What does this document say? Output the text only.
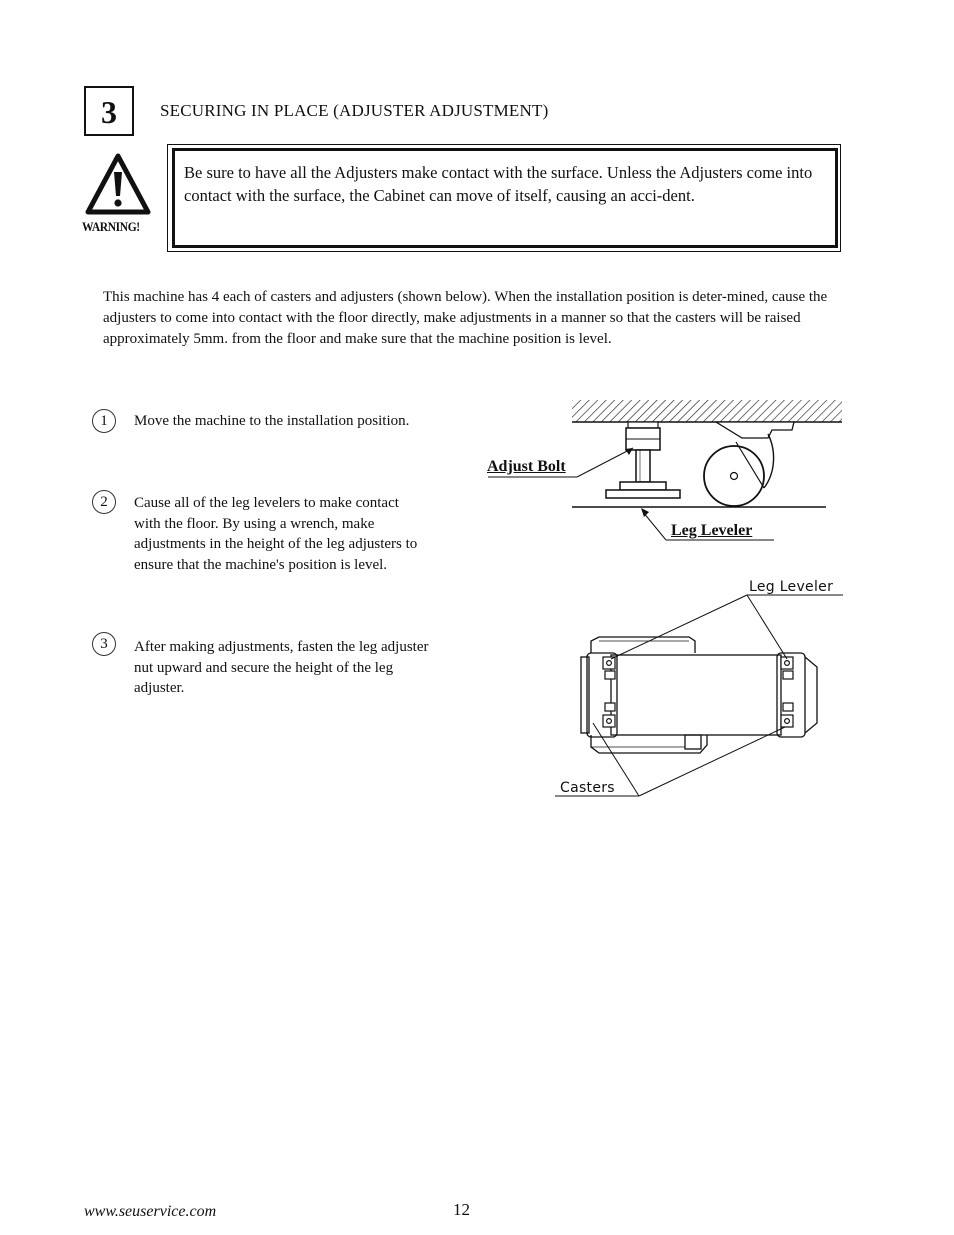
3	SECURING IN PLACE (ADJUSTER ADJUSTMENT)
WARNING!
Be sure to have all the Adjusters make contact with the surface. Unless the Adjusters come into contact with the surface, the Cabinet can move of itself, causing an acci-dent.
This machine has 4 each of casters and adjusters (shown below). When the installation position is deter-mined, cause the adjusters to come into contact with the floor directly, make adjustments in a manner so that the casters will be raised approximately 5mm. from the floor and make sure that the machine position is level.
1	Move the machine to the installation position.
2	Cause all of the leg levelers to make contact with the floor. By using a wrench, make adjustments in the height of the leg adjusters to ensure that the machine's position is level.
3	After making adjustments, fasten the leg adjuster nut upward and secure the height of the leg adjuster.
Adjust Bolt
Leg Leveler
Leg Leveler
Casters
www.seuservice.com	12
